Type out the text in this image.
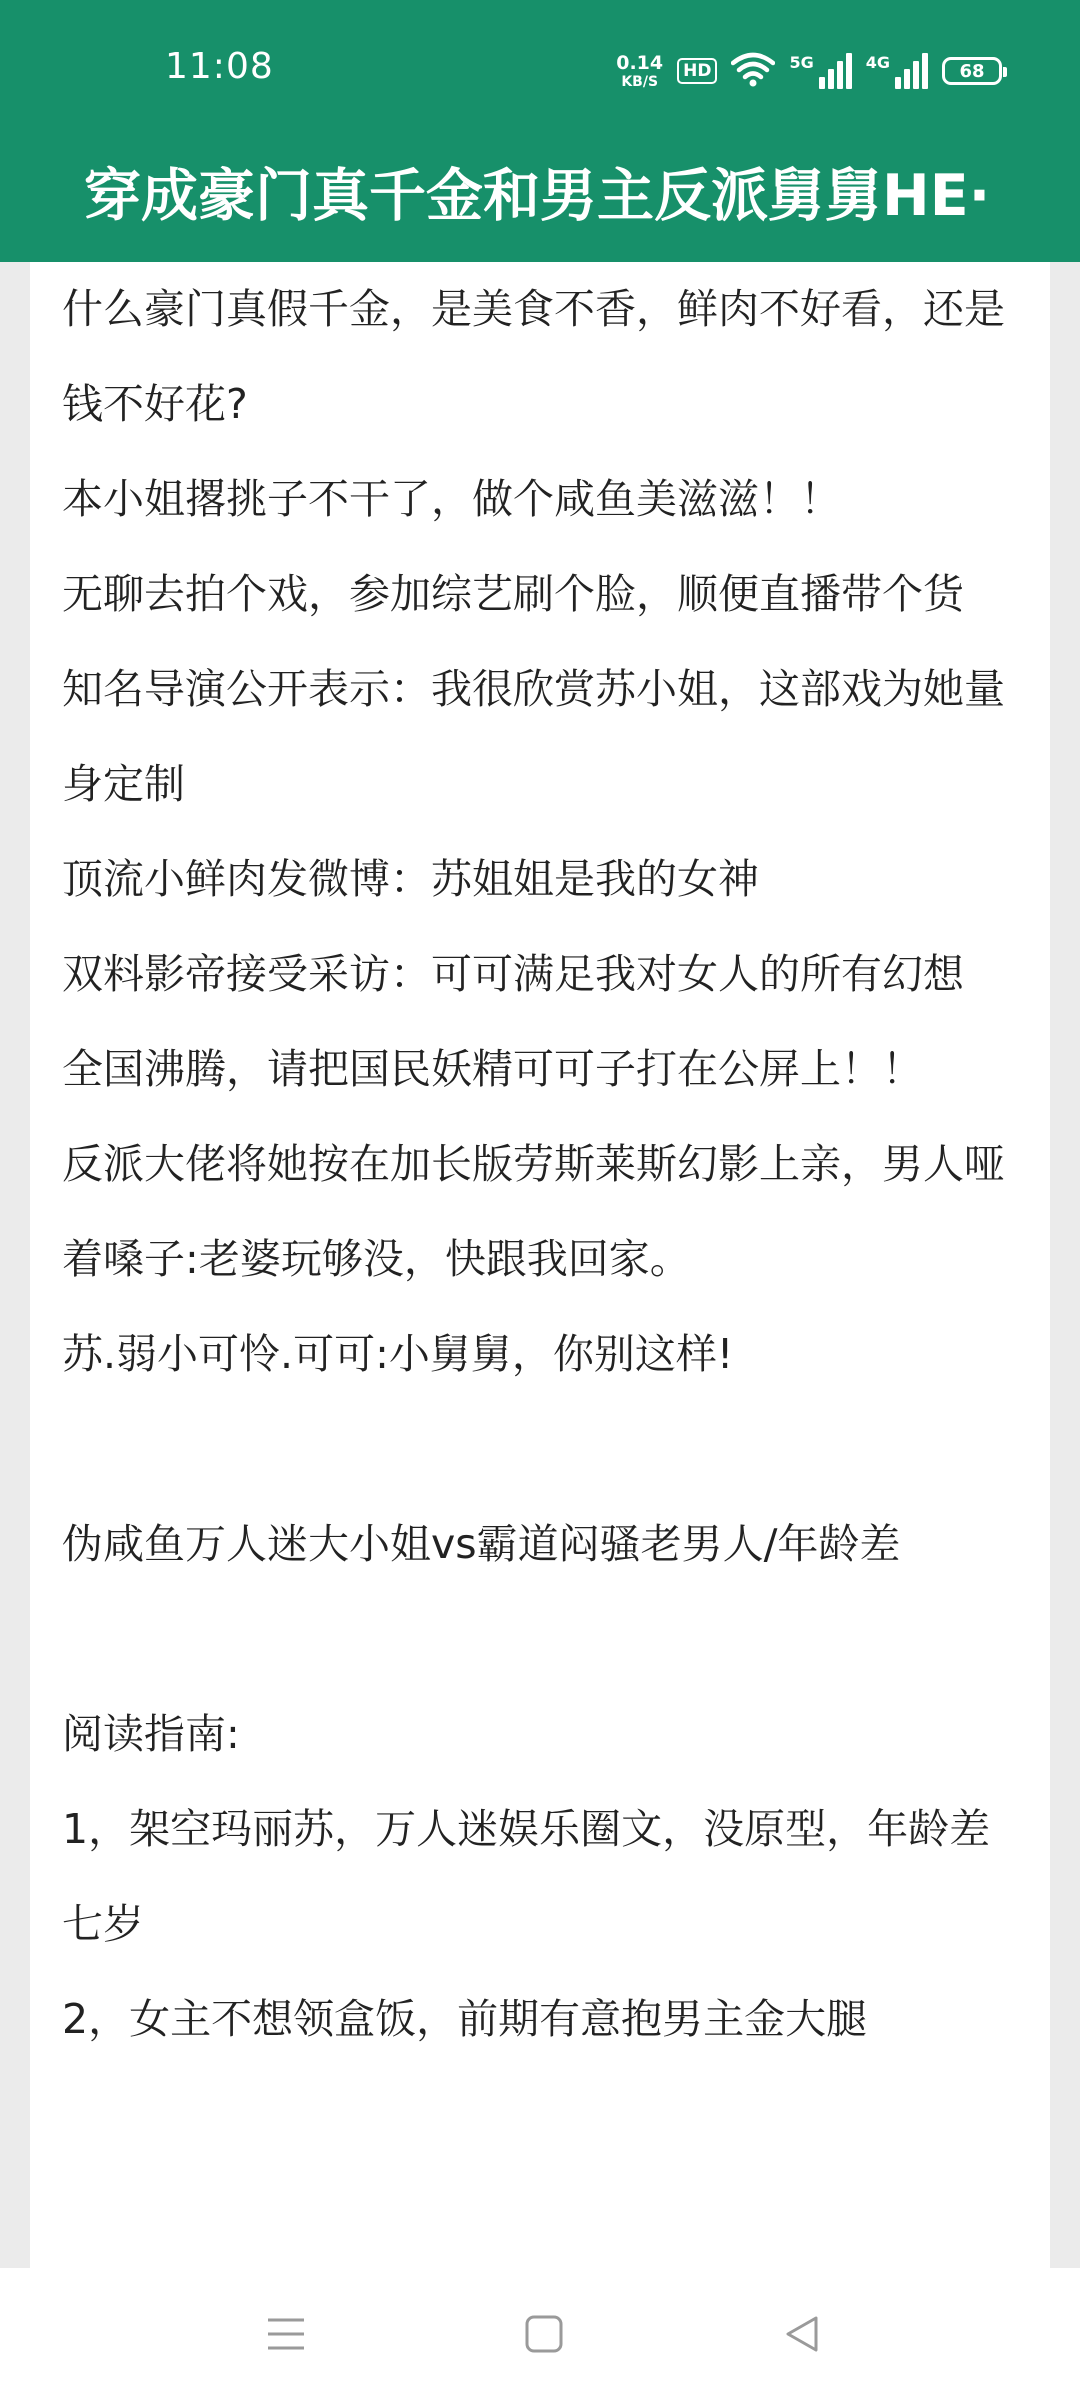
11:08	0.14
KB/S
HD	5G	4G	68
穿成豪门真千金和男主反派舅舅HE·
什么豪门真假千金，是美食不香，鲜肉不好看，还是钱不好花?
本小姐撂挑子不干了，做个咸鱼美滋滋！！
无聊去拍个戏，参加综艺刷个脸，顺便直播带个货
知名导演公开表示：我很欣赏苏小姐，这部戏为她量身定制
顶流小鲜肉发微博：苏姐姐是我的女神
双料影帝接受采访：可可满足我对女人的所有幻想
全国沸腾，请把国民妖精可可子打在公屏上！！
反派大佬将她按在加长版劳斯莱斯幻影上亲，男人哑着嗓子:老婆玩够没，快跟我回家。
苏.弱小可怜.可可:小舅舅，你别这样!
伪咸鱼万人迷大小姐vs霸道闷骚老男人/年龄差
阅读指南:
1，架空玛丽苏，万人迷娱乐圈文，没原型，年龄差七岁
2，女主不想领盒饭，前期有意抱男主金大腿
